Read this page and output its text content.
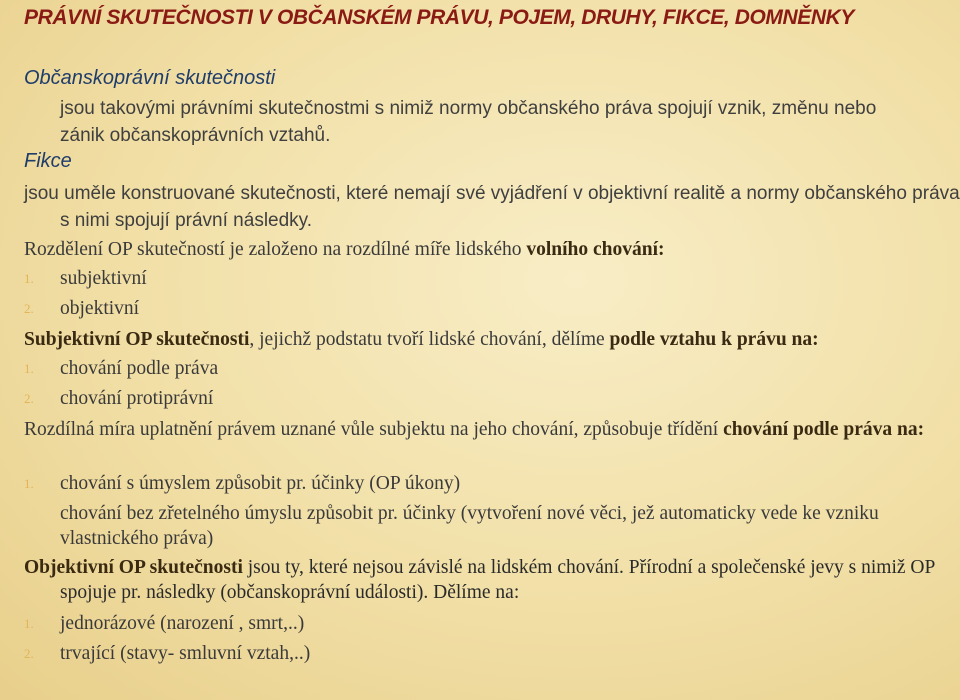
PRÁVNÍ SKUTEČNOSTI V OBČANSKÉM PRÁVU, POJEM, DRUHY, FIKCE, DOMNĚNKY

Občanskoprávní skutečnosti

jsou takovými právními skutečnostmi s nimiž normy občanského práva spojují vznik, změnu nebo zánik občanskoprávních vztahů.

Fikce

jsou uměle konstruované skutečnosti, které nemají své vyjádření v objektivní realitě a normy občanského práva s nimi spojují právní následky.

Rozdělení OP skutečností je založeno na rozdílné míře lidského volního chování:

1. subjektivní

2. objektivní

Subjektivní OP skutečnosti, jejichž podstatu tvoří lidské chování, dělíme podle vztahu k právu na:

1. chování podle práva

2. chování protiprávní

Rozdílná míra uplatnění právem uznané vůle subjektu na jeho chování, způsobuje třídění chování podle práva na:

1. chování s úmyslem způsobit pr. účinky (OP úkony)

chování bez zřetelného úmyslu způsobit pr. účinky (vytvoření nové věci, jež automaticky vede ke vzniku vlastnického práva)

Objektivní OP skutečnosti jsou ty, které nejsou závislé na lidském chování. Přírodní a společenské jevy s nimiž OP spojuje pr. následky (občanskoprávní události). Dělíme na:

1. jednorázové (narození , smrt,..)

2. trvající (stavy- smluvní vztah,..)
